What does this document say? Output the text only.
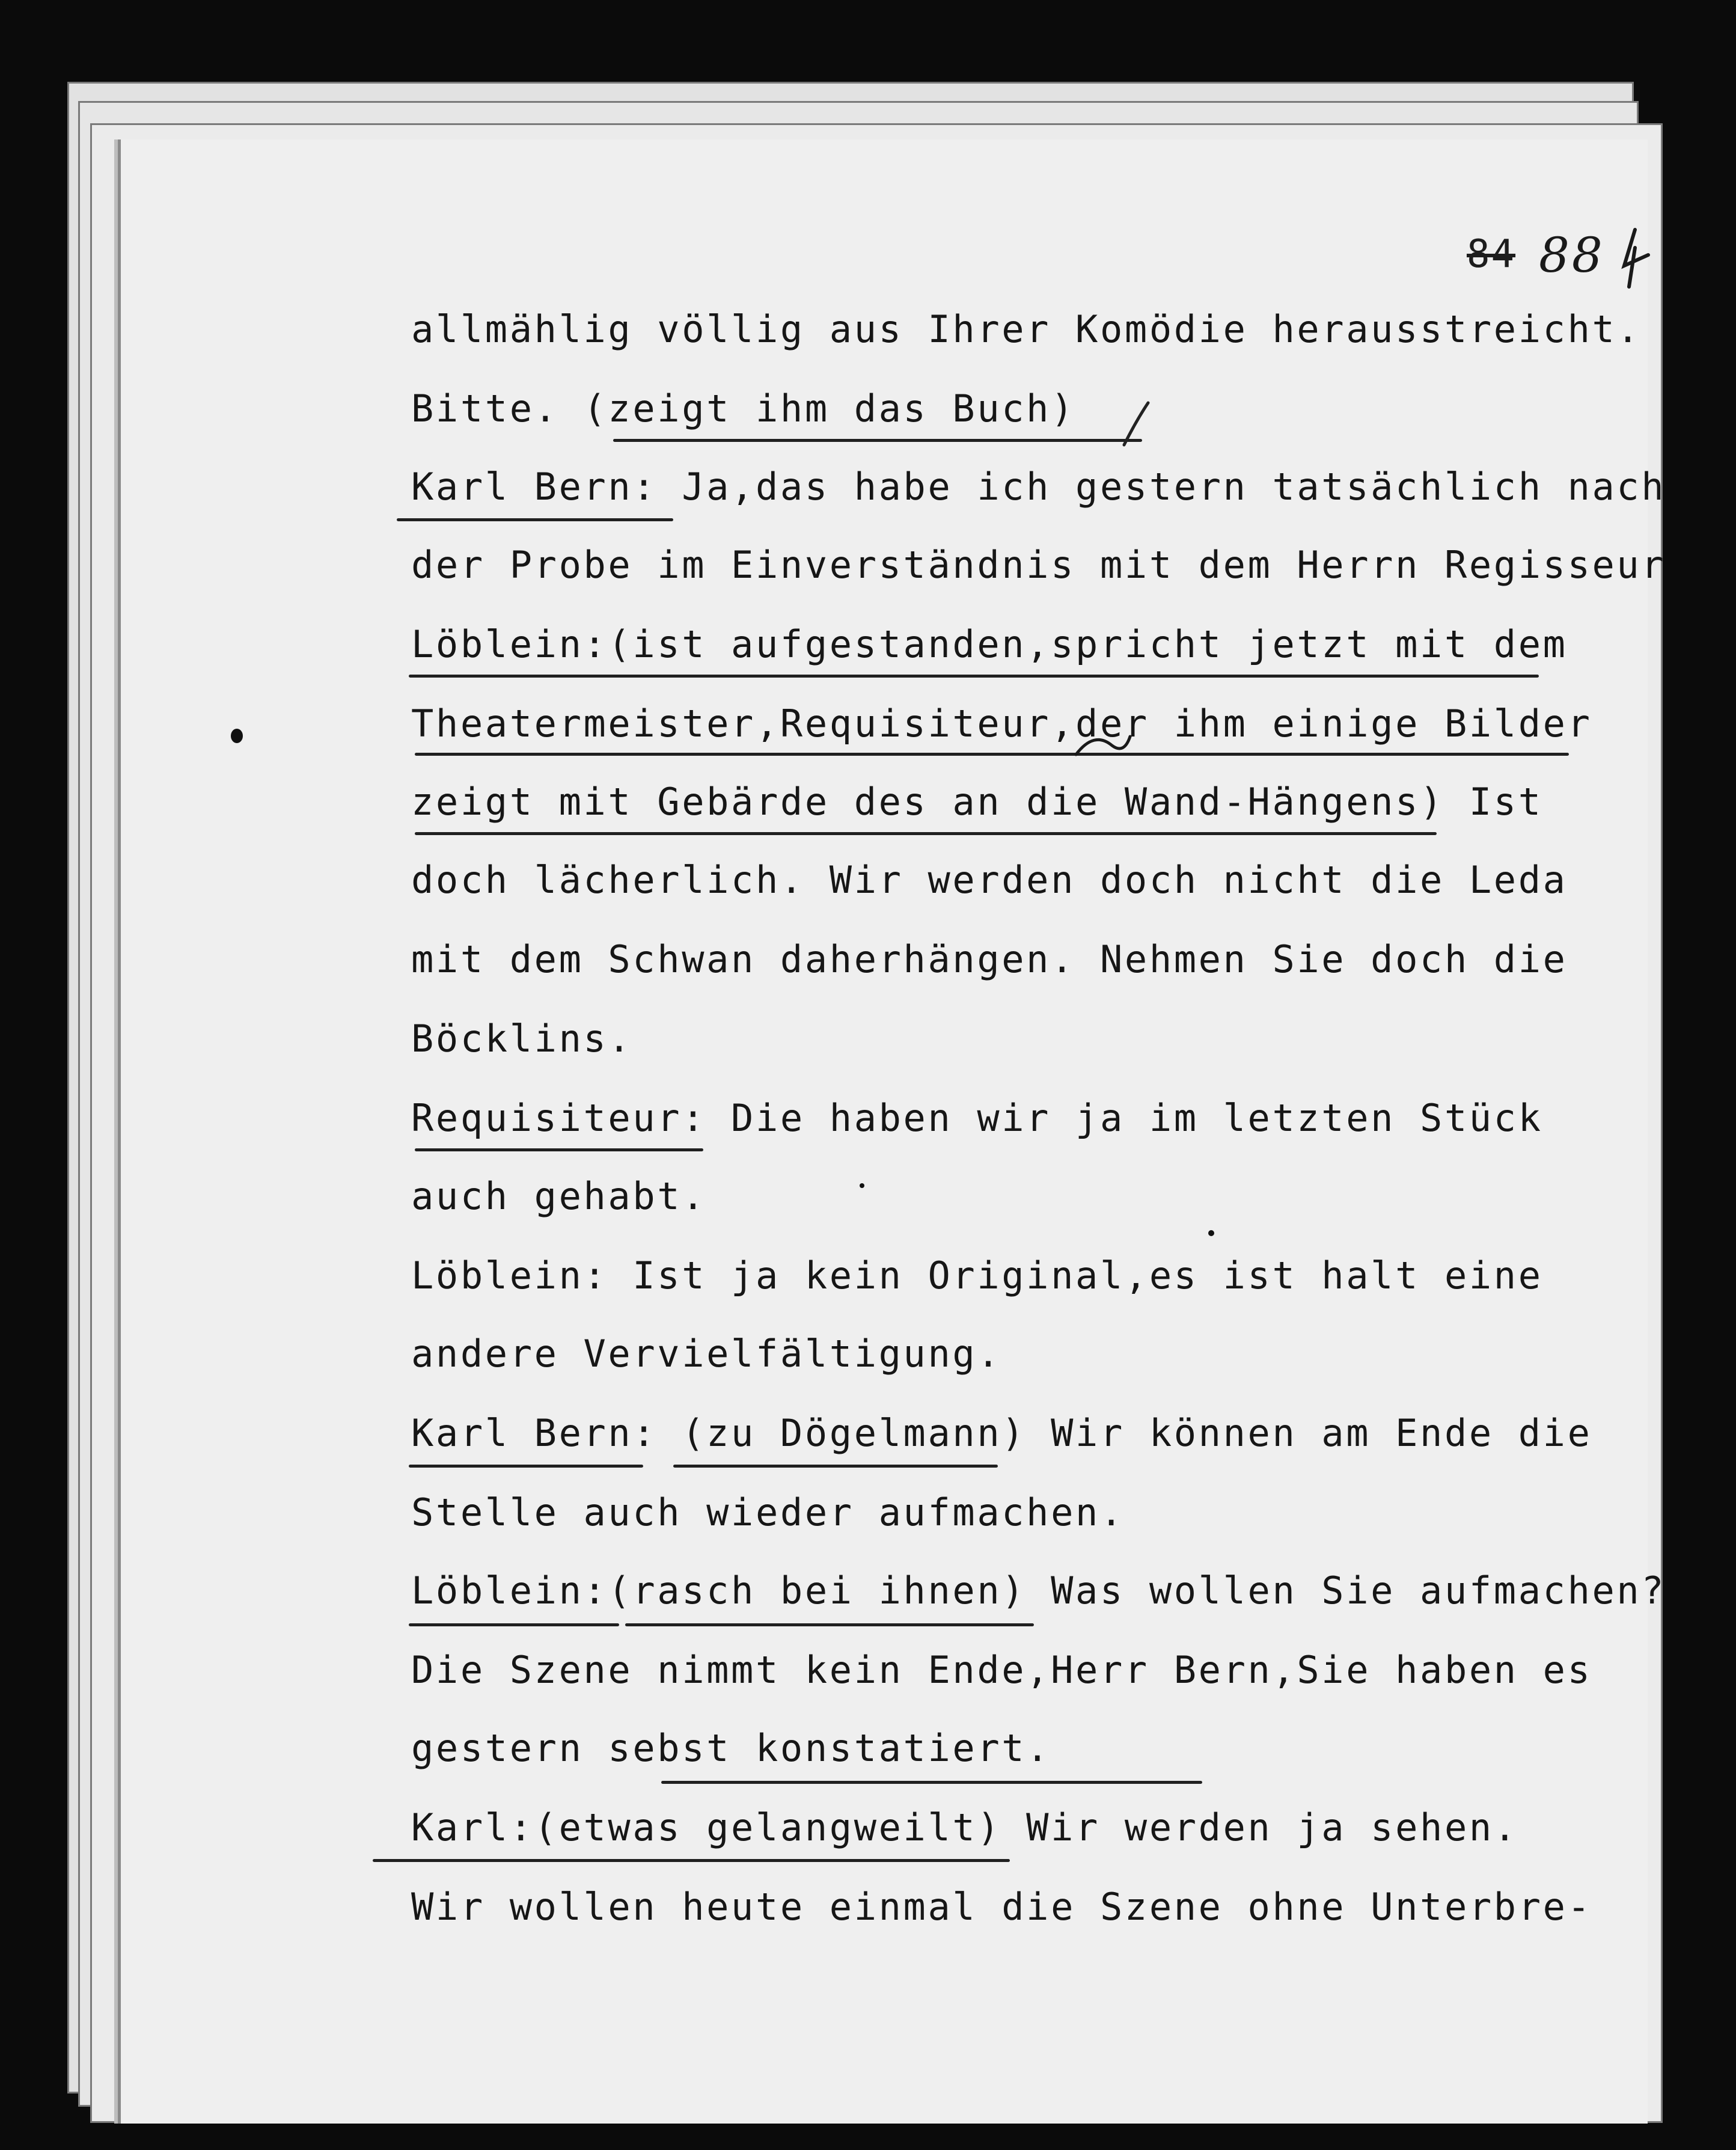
84 88
allmählig völlig aus Ihrer Komödie herausstreicht.
Bitte. (zeigt ihm das Buch)
Karl Bern: Ja,das habe ich gestern tatsächlich nach
der Probe im Einverständnis mit dem Herrn Regisseur
Löblein:(ist aufgestanden,spricht jetzt mit dem
Theatermeister,Requisiteur,der ihm einige Bilder
zeigt mit Gebärde des an die Wand-Hängens) Ist
doch lächerlich. Wir werden doch nicht die Leda
mit dem Schwan daherhängen. Nehmen Sie doch die
Böcklins.
Requisiteur: Die haben wir ja im letzten Stück
auch gehabt.
Löblein: Ist ja kein Original,es ist halt eine
andere Vervielfältigung.
Karl Bern: (zu Dögelmann) Wir können am Ende die
Stelle auch wieder aufmachen.
Löblein:(rasch bei ihnen) Was wollen Sie aufmachen?
Die Szene nimmt kein Ende,Herr Bern,Sie haben es
gestern sebst konstatiert.
Karl:(etwas gelangweilt) Wir werden ja sehen.
Wir wollen heute einmal die Szene ohne Unterbre-
